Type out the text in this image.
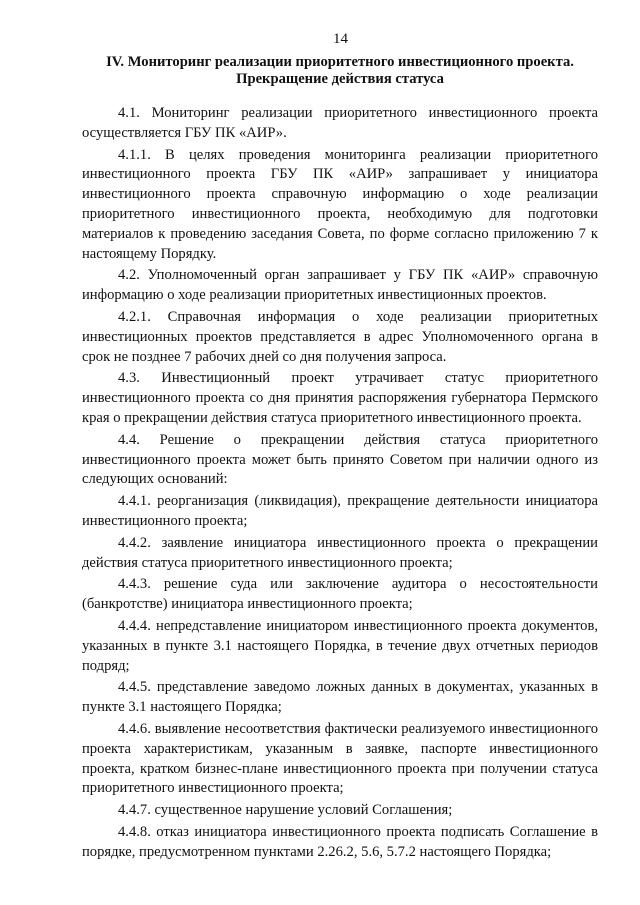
14
IV. Мониторинг реализации приоритетного инвестиционного проекта.
Прекращение действия статуса

4.1. Мониторинг реализации приоритетного инвестиционного проекта осуществляется ГБУ ПК «АИР».

4.1.1. В целях проведения мониторинга реализации приоритетного инвестиционного проекта ГБУ ПК «АИР» запрашивает у инициатора инвестиционного проекта справочную информацию о ходе реализации приоритетного инвестиционного проекта, необходимую для подготовки материалов к проведению заседания Совета, по форме согласно приложению 7 к настоящему Порядку.

4.2. Уполномоченный орган запрашивает у ГБУ ПК «АИР» справочную информацию о ходе реализации приоритетных инвестиционных проектов.

4.2.1. Справочная информация о ходе реализации приоритетных инвестиционных проектов представляется в адрес Уполномоченного органа в срок не позднее 7 рабочих дней со дня получения запроса.

4.3. Инвестиционный проект утрачивает статус приоритетного инвестиционного проекта со дня принятия распоряжения губернатора Пермского края о прекращении действия статуса приоритетного инвестиционного проекта.

4.4. Решение о прекращении действия статуса приоритетного инвестиционного проекта может быть принято Советом при наличии одного из следующих оснований:

4.4.1. реорганизация (ликвидация), прекращение деятельности инициатора инвестиционного проекта;

4.4.2. заявление инициатора инвестиционного проекта о прекращении действия статуса приоритетного инвестиционного проекта;

4.4.3. решение суда или заключение аудитора о несостоятельности (банкротстве) инициатора инвестиционного проекта;

4.4.4. непредставление инициатором инвестиционного проекта документов, указанных в пункте 3.1 настоящего Порядка, в течение двух отчетных периодов подряд;

4.4.5. представление заведомо ложных данных в документах, указанных в пункте 3.1 настоящего Порядка;

4.4.6. выявление несоответствия фактически реализуемого инвестиционного проекта характеристикам, указанным в заявке, паспорте инвестиционного проекта, кратком бизнес-плане инвестиционного проекта при получении статуса приоритетного инвестиционного проекта;

4.4.7. существенное нарушение условий Соглашения;

4.4.8. отказ инициатора инвестиционного проекта подписать Соглашение в порядке, предусмотренном пунктами 2.26.2, 5.6, 5.7.2 настоящего Порядка;
